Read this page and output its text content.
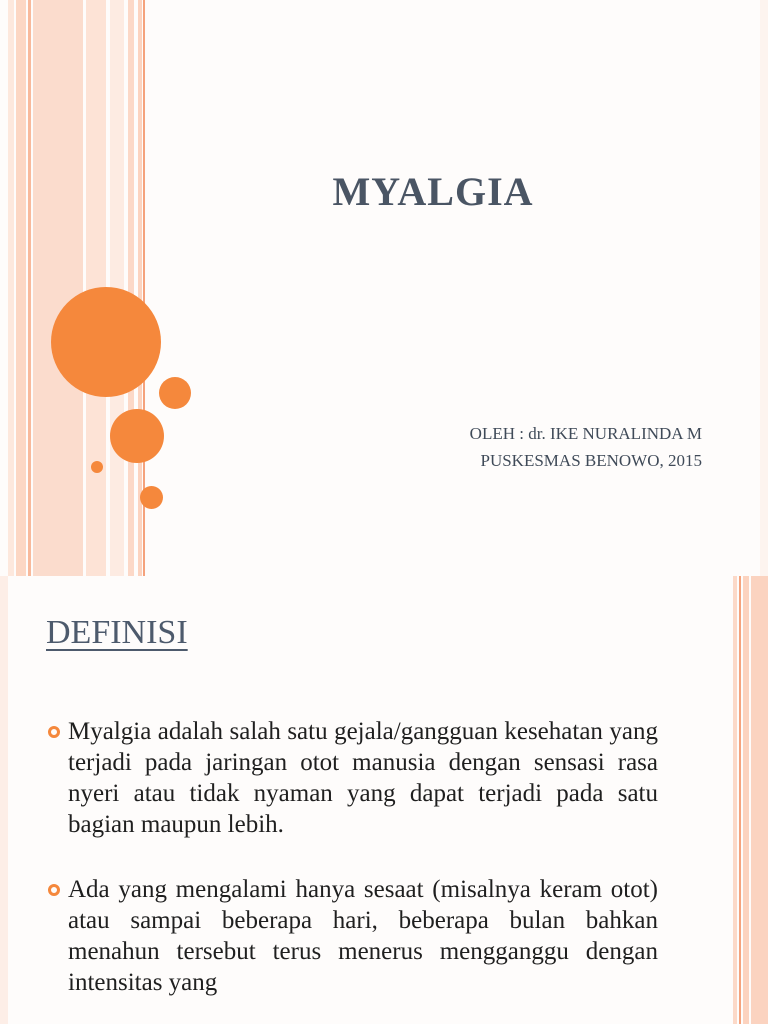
MYALGIA
OLEH : dr. IKE NURALINDA M
PUSKESMAS BENOWO, 2015
DEFINISI
Myalgia adalah salah satu gejala/gangguan kesehatan yang terjadi pada jaringan otot manusia dengan sensasi rasa nyeri atau tidak nyaman yang dapat terjadi pada satu bagian maupun lebih.
Ada yang mengalami hanya sesaat (misalnya keram otot) atau sampai beberapa hari, beberapa bulan bahkan menahun tersebut terus menerus mengganggu dengan intensitas yang
